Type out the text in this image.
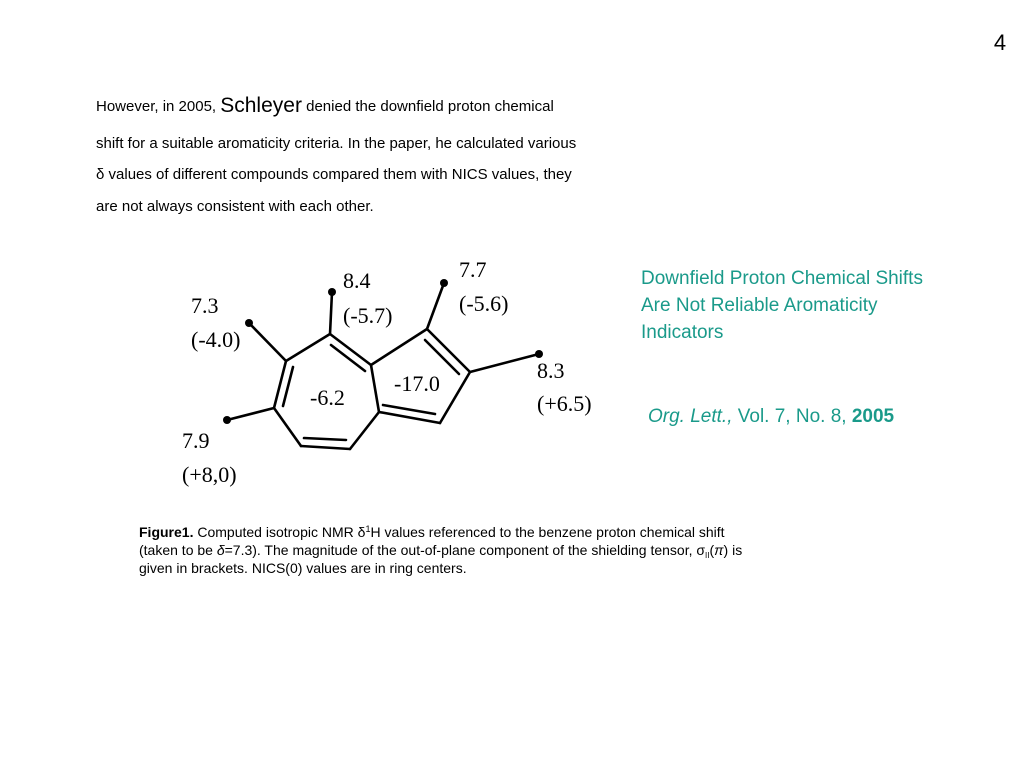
4
However, in 2005, Schleyer denied the downfield proton chemical
shift for a suitable aromaticity criteria. In the paper, he calculated various
δ values of different compounds compared them with NICS values, they
are not always consistent with each other.
7.3
(-4.0)
8.4
(-5.7)
7.7
(-5.6)
8.3
(+6.5)
7.9
(+8,0)
-6.2
-17.0
Downfield Proton Chemical Shifts
Are Not Reliable Aromaticity
Indicators
Org. Lett., Vol. 7, No. 8, 2005
Figure1. Computed isotropic NMR $\delta^1H$ values referenced to the benzene proton chemical shift (taken to be δ=7.3). The magnitude of the out-of-plane component of the shielding tensor, $\sigma_{II}(\pi)$ is given in brackets. NICS(0) values are in ring centers.
